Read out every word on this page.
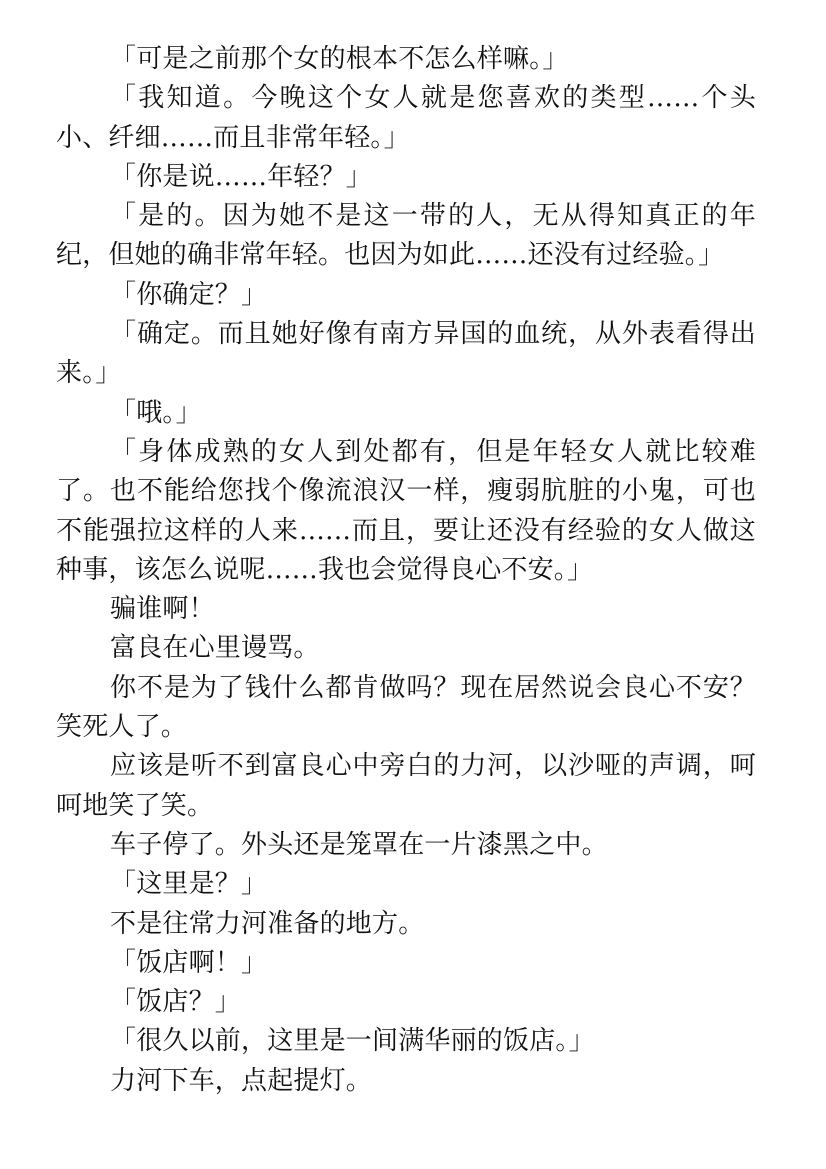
「可是之前那个女的根本不怎么样嘛。」

「我知道。今晚这个女人就是您喜欢的类型……个头小、纤细……而且非常年轻。」

「你是说……年轻？」

「是的。因为她不是这一带的人，无从得知真正的年纪，但她的确非常年轻。也因为如此……还没有过经验。」

「你确定？」

「确定。而且她好像有南方异国的血统，从外表看得出来。」

「哦。」

「身体成熟的女人到处都有，但是年轻女人就比较难了。也不能给您找个像流浪汉一样，瘦弱肮脏的小鬼，可也不能强拉这样的人来……而且，要让还没有经验的女人做这种事，该怎么说呢……我也会觉得良心不安。」

骗谁啊！

富良在心里谩骂。

你不是为了钱什么都肯做吗？现在居然说会良心不安？笑死人了。

应该是听不到富良心中旁白的力河，以沙哑的声调，呵呵地笑了笑。

车子停了。外头还是笼罩在一片漆黑之中。

「这里是？」

不是往常力河准备的地方。

「饭店啊！」

「饭店？」

「很久以前，这里是一间满华丽的饭店。」

力河下车，点起提灯。
